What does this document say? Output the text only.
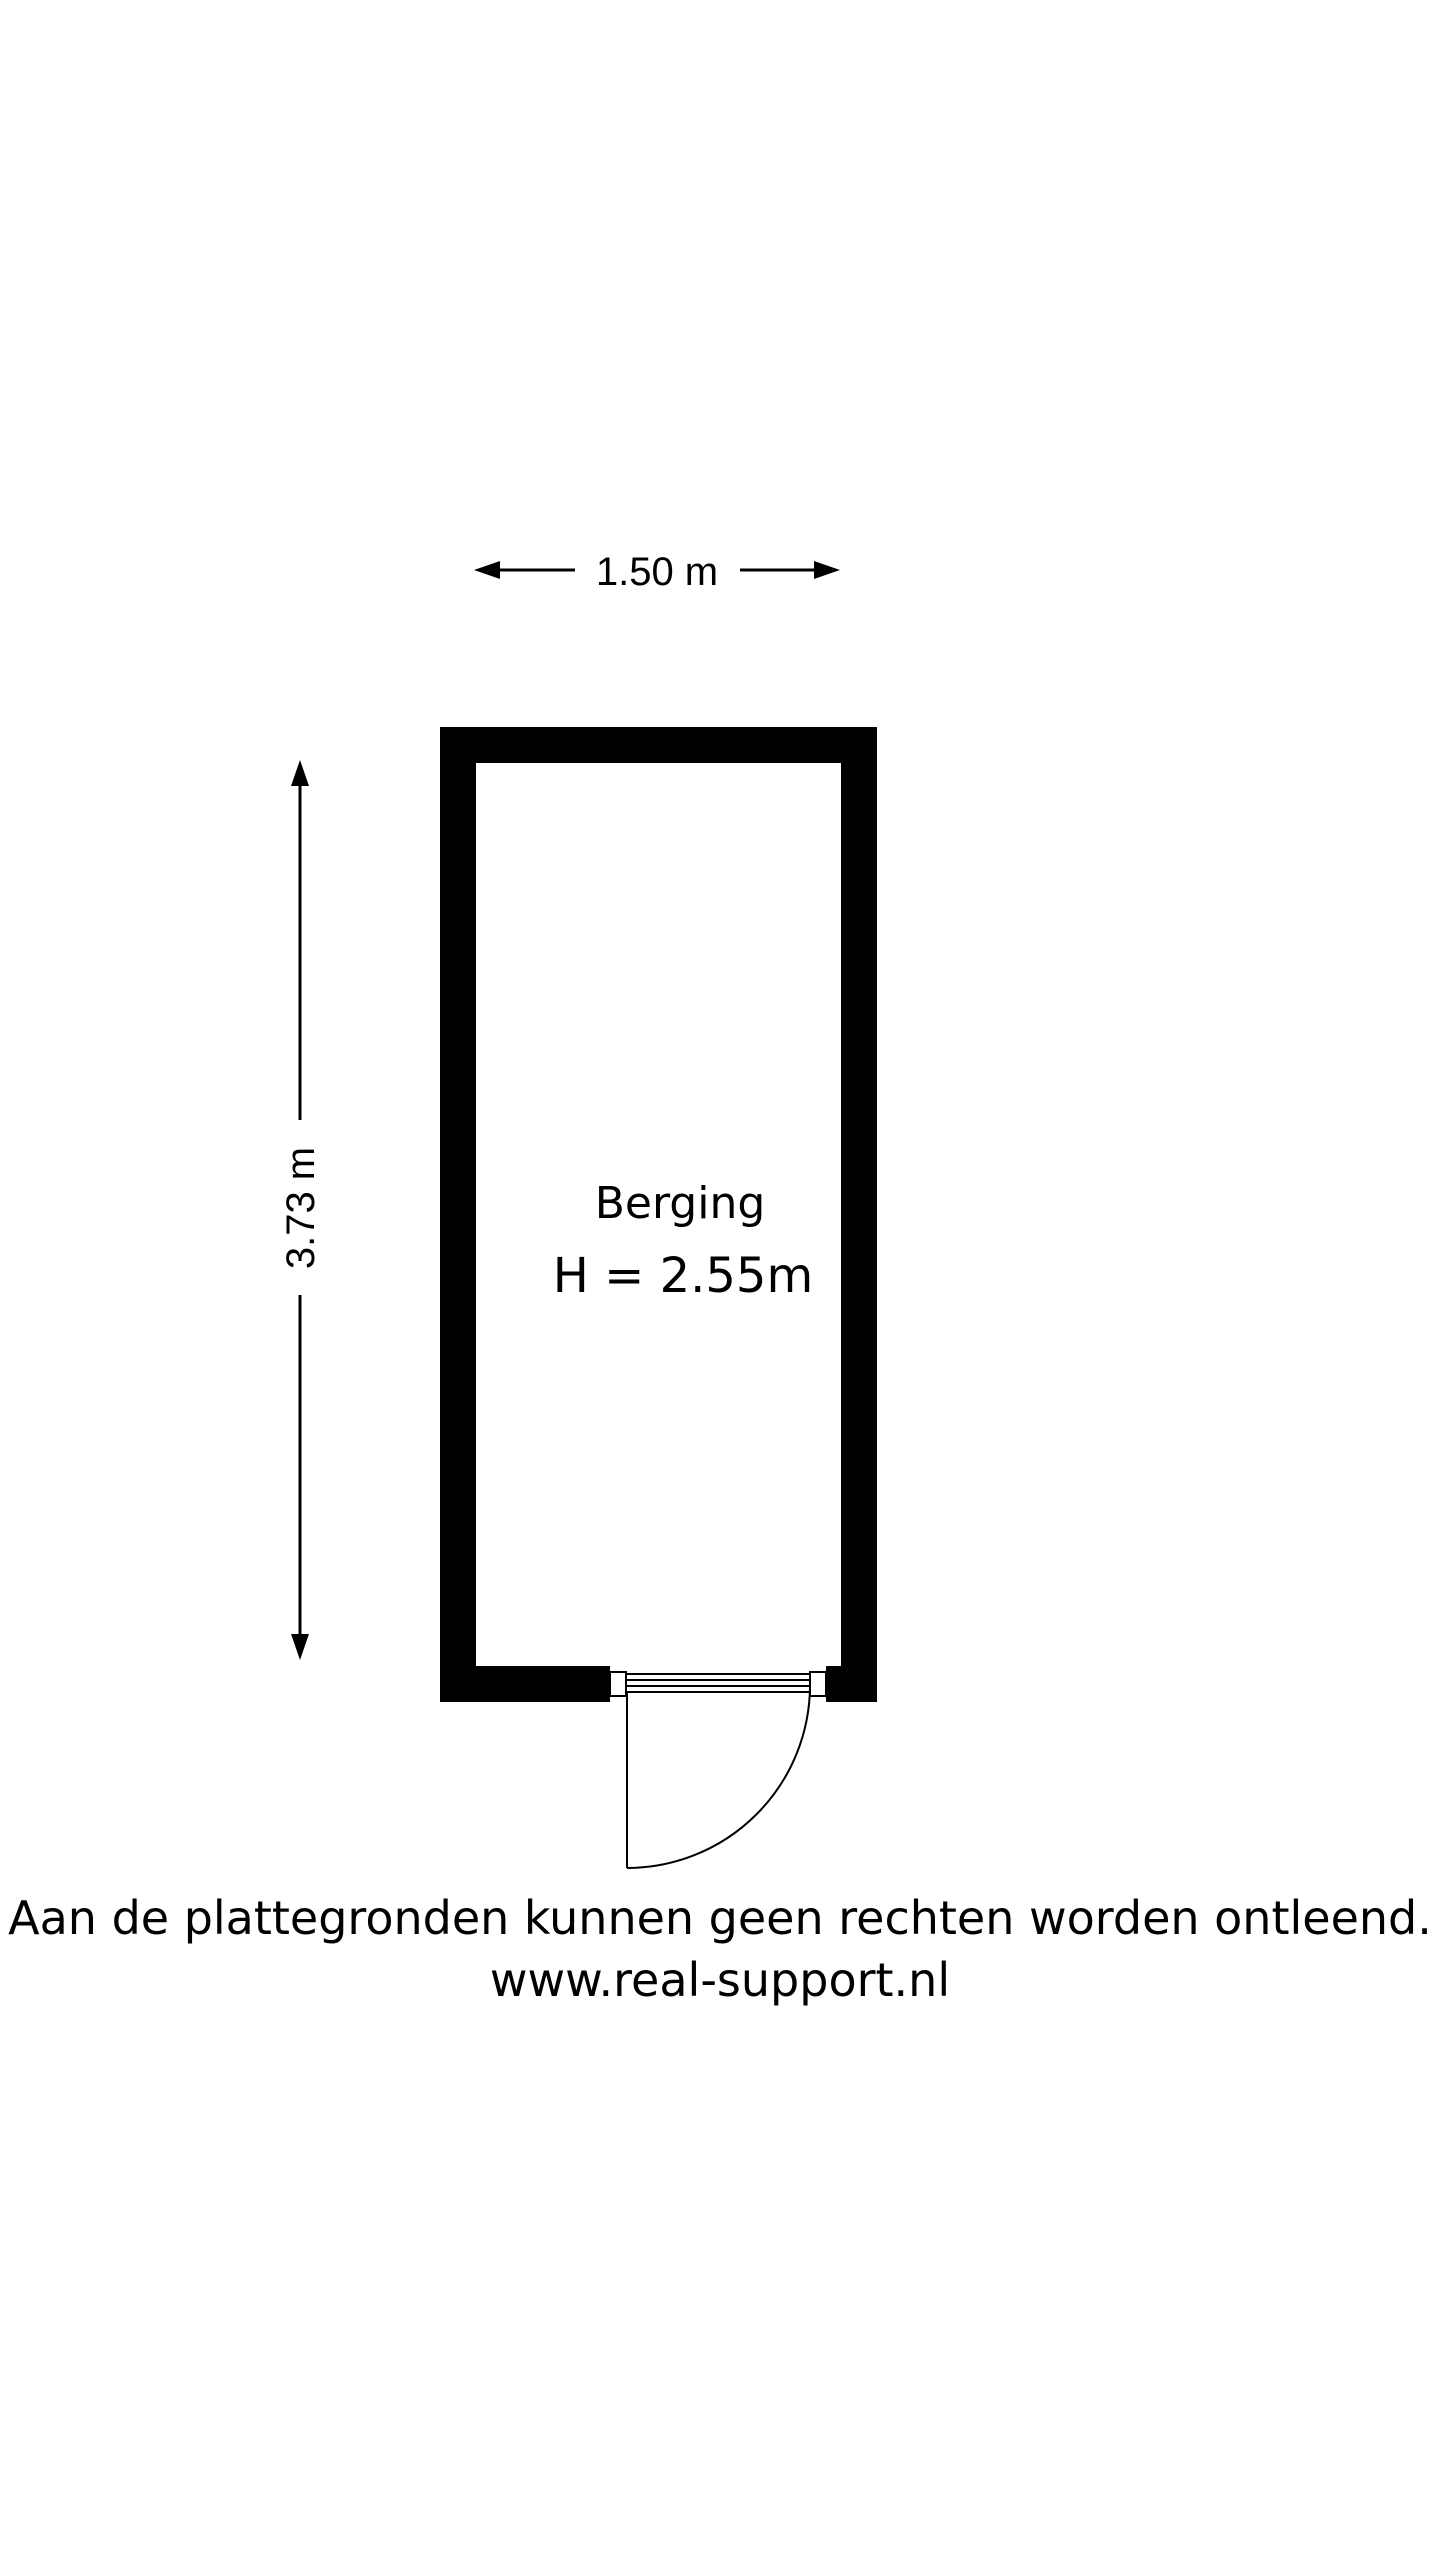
1.50 m
3.73 m	Berging
H = 2.55m
Aan de plattegronden kunnen geen rechten worden ontleend.
www.real-support.nl
